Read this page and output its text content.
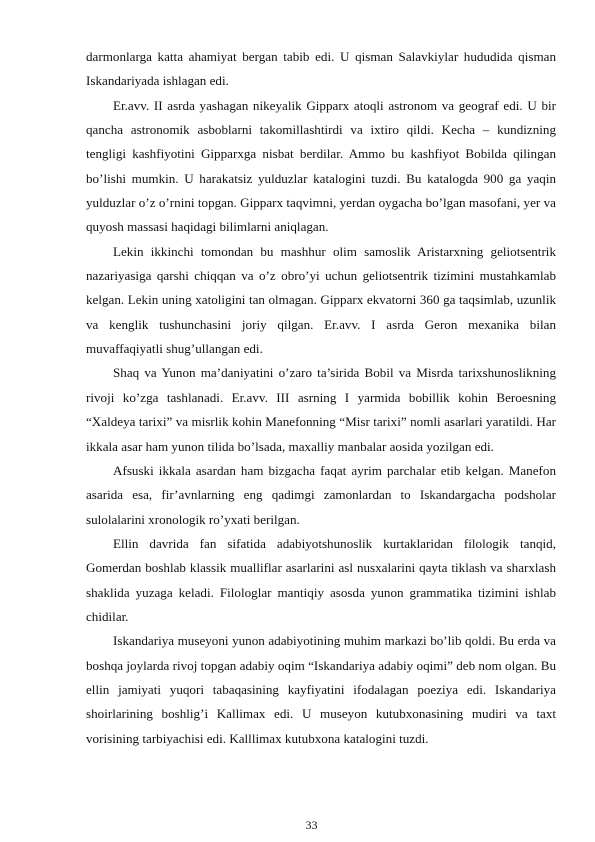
darmonlarga katta ahamiyat bergan tabib edi. U qisman Salavkiylar hududida qisman Iskandariyada ishlagan edi.

Er.avv. II asrda yashagan nikeyalik Gipparx atoqli astronom va geograf edi. U bir qancha astronomik asboblarni takomillashtirdi va ixtiro qildi. Kecha – kundizning tengligi kashfiyotini Gipparxga nisbat berdilar. Ammo bu kashfiyot Bobilda qilingan bo’lishi mumkin. U harakatsiz yulduzlar katalogini tuzdi. Bu katalogda 900 ga yaqin yulduzlar o’z o’rnini topgan. Gipparx taqvimni, yerdan oygacha bo’lgan masofani, yer va quyosh massasi haqidagi bilimlarni aniqlagan.

Lekin ikkinchi tomondan bu mashhur olim samoslik Aristarxning geliotsentrik nazariyasiga qarshi chiqqan va o’z obro’yi uchun geliotsentrik tizimini mustahkamlab kelgan. Lekin uning xatoligini tan olmagan. Gipparx ekvatorni 360 ga taqsimlab, uzunlik va kenglik tushunchasini joriy qilgan. Er.avv. I asrda Geron mexanika bilan muvaffaqiyatli shug’ullangan edi.

Shaq va Yunon ma’daniyatini o’zaro ta’sirida Bobil va Misrda tarixshunoslikning rivoji ko’zga tashlanadi. Er.avv. III asrning I yarmida bobillik kohin Beroesning “Xaldeya tarixi” va misrlik kohin Manefonning “Misr tarixi” nomli asarlari yaratildi. Har ikkala asar ham yunon tilida bo’lsada, maxalliy manbalar aosida yozilgan edi.

Afsuski ikkala asardan ham bizgacha faqat ayrim parchalar etib kelgan. Manefon asarida esa, fir’avnlarning eng qadimgi zamonlardan to Iskandargacha podsholar sulolalarini xronologik ro’yxati berilgan.

Ellin davrida fan sifatida adabiyotshunoslik kurtaklaridan filologik tanqid, Gomerdan boshlab klassik mualliflar asarlarini asl nusxalarini qayta tiklash va sharxlash shaklida yuzaga keladi. Filologlar mantiqiy asosda yunon grammatika tizimini ishlab chidilar.

Iskandariya museyoni yunon adabiyotining muhim markazi bo’lib qoldi. Bu erda va boshqa joylarda rivoj topgan adabiy oqim “Iskandariya adabiy oqimi” deb nom olgan. Bu ellin jamiyati yuqori tabaqasining kayfiyatini ifodalagan poeziya edi. Iskandariya shoirlarining boshlig’i Kallimax edi. U museyon kutubxonasining mudiri va taxt vorisining tarbiyachisi edi. Kalllimax kutubxona katalogini tuzdi.

33
